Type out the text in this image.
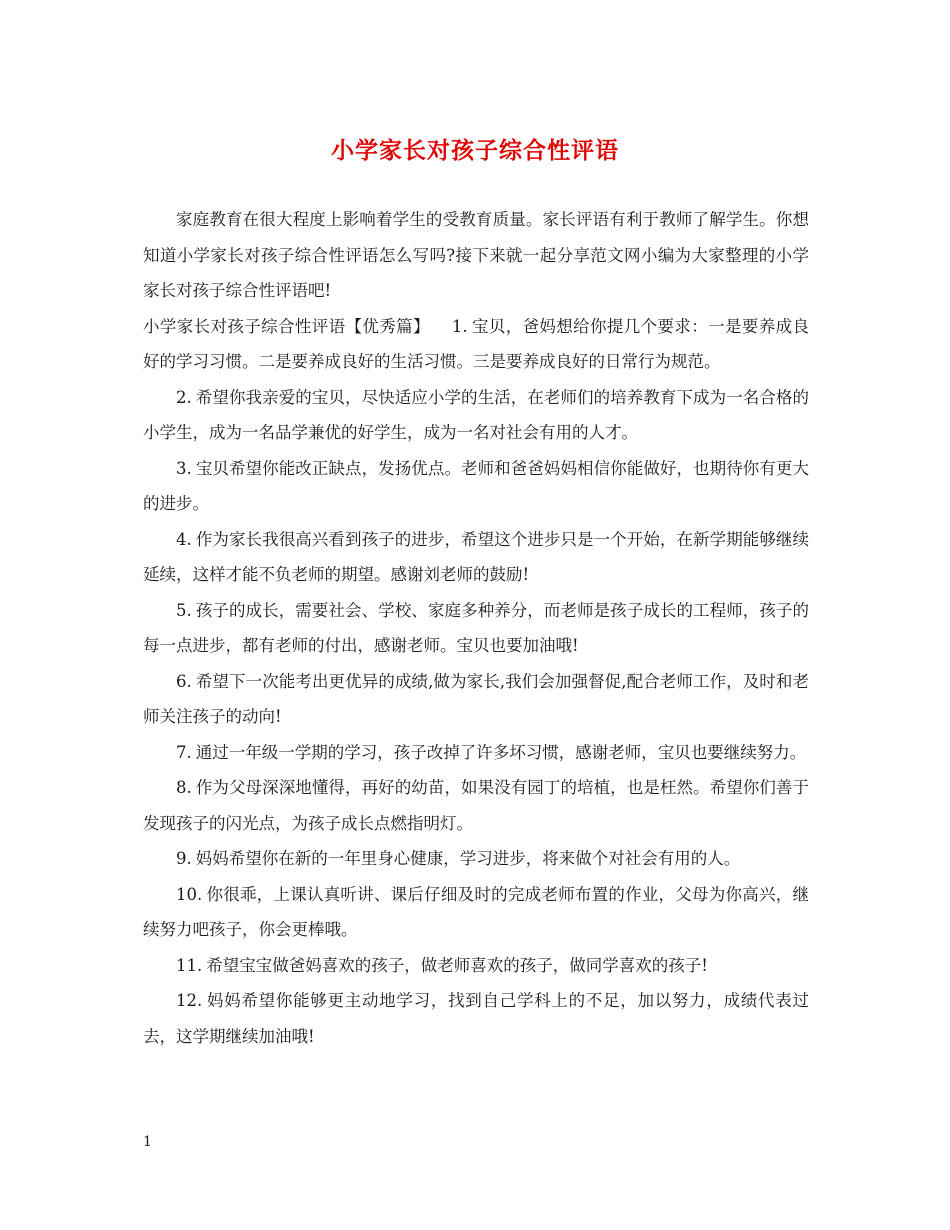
小学家长对孩子综合性评语

家庭教育在很大程度上影响着学生的受教育质量。家长评语有利于教师了解学生。你想知道小学家长对孩子综合性评语怎么写吗?接下来就一起分享范文网小编为大家整理的小学家长对孩子综合性评语吧!

小学家长对孩子综合性评语【优秀篇】 1. 宝贝，爸妈想给你提几个要求：一是要养成良好的学习习惯。二是要养成良好的生活习惯。三是要养成良好的日常行为规范。

2. 希望你我亲爱的宝贝，尽快适应小学的生活，在老师们的培养教育下成为一名合格的小学生，成为一名品学兼优的好学生，成为一名对社会有用的人才。

3. 宝贝希望你能改正缺点，发扬优点。老师和爸爸妈妈相信你能做好，也期待你有更大的进步。

4. 作为家长我很高兴看到孩子的进步，希望这个进步只是一个开始，在新学期能够继续延续，这样才能不负老师的期望。感谢刘老师的鼓励!

5. 孩子的成长，需要社会、学校、家庭多种养分，而老师是孩子成长的工程师，孩子的每一点进步，都有老师的付出，感谢老师。宝贝也要加油哦!

6. 希望下一次能考出更优异的成绩,做为家长,我们会加强督促,配合老师工作，及时和老师关注孩子的动向!

7. 通过一年级一学期的学习，孩子改掉了许多坏习惯，感谢老师，宝贝也要继续努力。

8. 作为父母深深地懂得，再好的幼苗，如果没有园丁的培植，也是枉然。希望你们善于发现孩子的闪光点，为孩子成长点燃指明灯。

9. 妈妈希望你在新的一年里身心健康，学习进步，将来做个对社会有用的人。

10. 你很乖，上课认真听讲、课后仔细及时的完成老师布置的作业，父母为你高兴，继续努力吧孩子，你会更棒哦。

11. 希望宝宝做爸妈喜欢的孩子，做老师喜欢的孩子，做同学喜欢的孩子!

12. 妈妈希望你能够更主动地学习，找到自己学科上的不足，加以努力，成绩代表过去，这学期继续加油哦!

1
